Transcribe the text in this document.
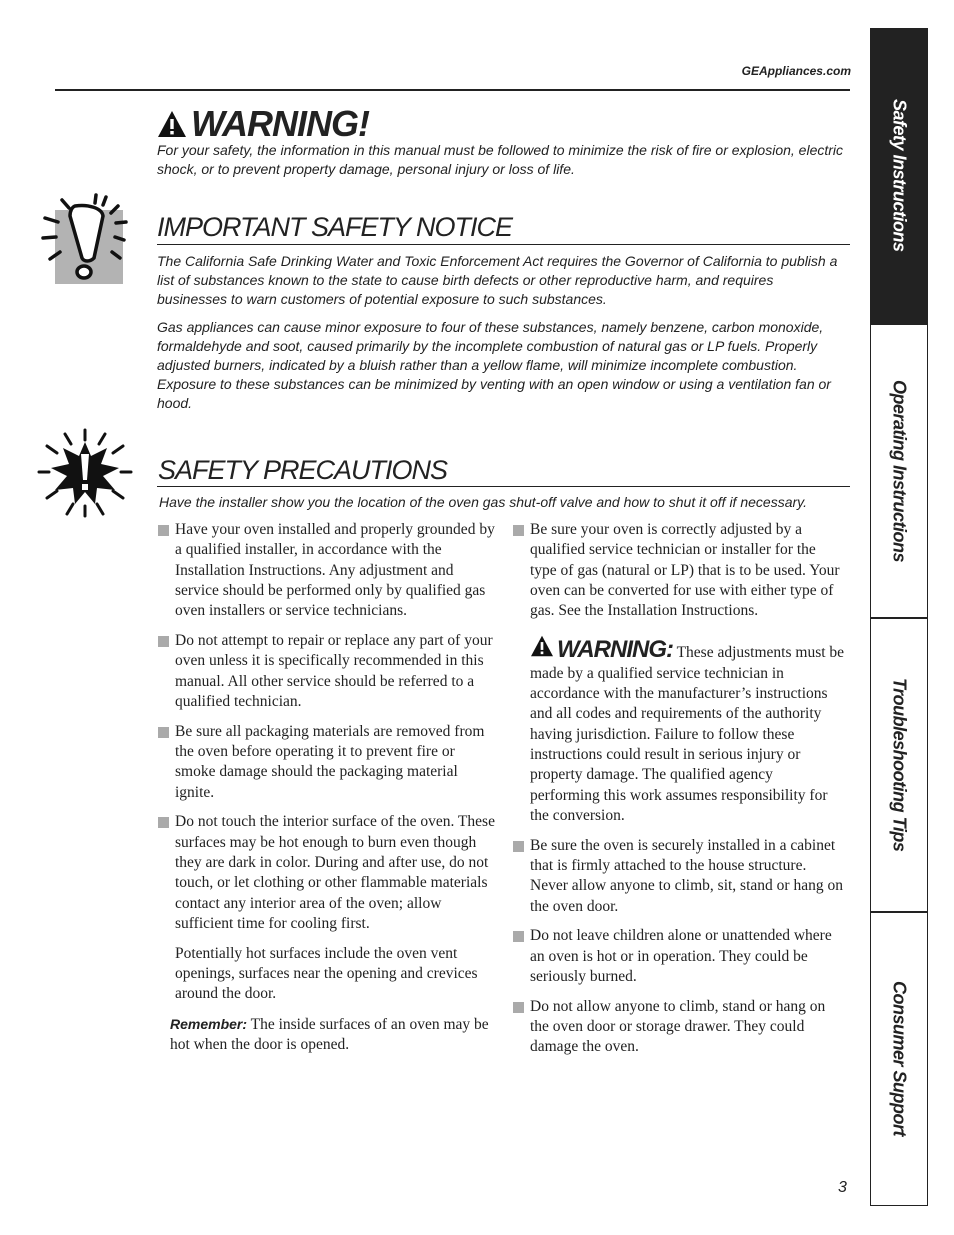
GEAppliances.com
WARNING!
For your safety, the information in this manual must be followed to minimize the risk of fire or explosion, electric shock, or to prevent property damage, personal injury or loss of life.
IMPORTANT SAFETY NOTICE
The California Safe Drinking Water and Toxic Enforcement Act requires the Governor of California to publish a list of substances known to the state to cause birth defects or other reproductive harm, and requires businesses to warn customers of potential exposure to such substances.
Gas appliances can cause minor exposure to four of these substances, namely benzene, carbon monoxide, formaldehyde and soot, caused primarily by the incomplete combustion of natural gas or LP fuels. Properly adjusted burners, indicated by a bluish rather than a yellow flame, will minimize incomplete combustion. Exposure to these substances can be minimized by venting with an open window or using a ventilation fan or hood.
SAFETY PRECAUTIONS
Have the installer show you the location of the oven gas shut-off valve and how to shut it off if necessary.

Have your oven installed and properly grounded by a qualified installer, in accordance with the Installation Instructions. Any adjustment and service should be performed only by qualified gas oven installers or service technicians.

Do not attempt to repair or replace any part of your oven unless it is specifically recommended in this manual. All other service should be referred to a qualified technician.

Be sure all packaging materials are removed from the oven before operating it to prevent fire or smoke damage should the packaging material ignite.

Do not touch the interior surface of the oven. These surfaces may be hot enough to burn even though they are dark in color. During and after use, do not touch, or let clothing or other flammable materials contact any interior area of the oven; allow sufficient time for cooling first.

Potentially hot surfaces include the oven vent openings, surfaces near the opening and crevices around the door.

Remember: The inside surfaces of an oven may be hot when the door is opened.

Be sure your oven is correctly adjusted by a qualified service technician or installer for the type of gas (natural or LP) that is to be used. Your oven can be converted for use with either type of gas. See the Installation Instructions.

WARNING: These adjustments must be made by a qualified service technician in accordance with the manufacturer’s instructions and all codes and requirements of the authority having jurisdiction. Failure to follow these instructions could result in serious injury or property damage. The qualified agency performing this work assumes responsibility for the conversion.

Be sure the oven is securely installed in a cabinet that is firmly attached to the house structure. Never allow anyone to climb, sit, stand or hang on the oven door.

Do not leave children alone or unattended where an oven is hot or in operation. They could be seriously burned.

Do not allow anyone to climb, stand or hang on the oven door or storage drawer. They could damage the oven.

Safety Instructions
Operating Instructions
Troubleshooting Tips
Consumer Support
3
